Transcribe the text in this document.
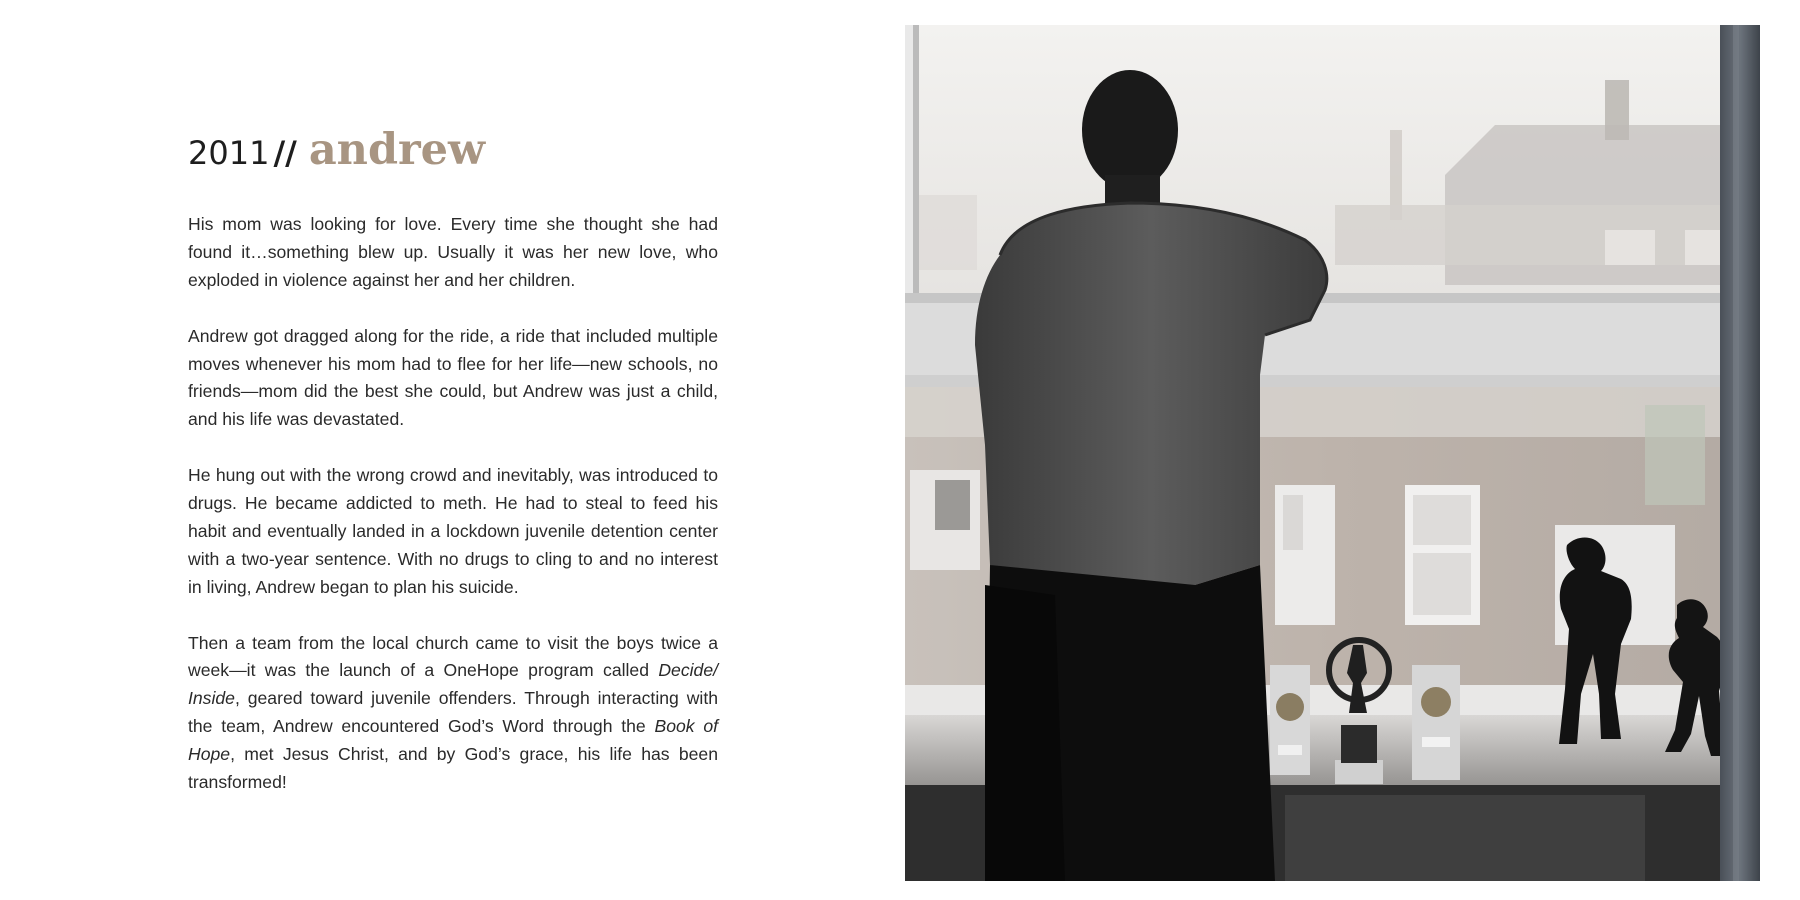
2011 // andrew

His mom was looking for love. Every time she thought she had found it…something blew up. Usually it was her new love, who exploded in violence against her and her children.

Andrew got dragged along for the ride, a ride that included multiple moves whenever his mom had to flee for her life—new schools, no friends—mom did the best she could, but Andrew was just a child, and his life was devastated.

He hung out with the wrong crowd and inevitably, was introduced to drugs. He became addicted to meth. He had to steal to feed his habit and eventually landed in a lockdown juvenile detention center with a two-year sentence. With no drugs to cling to and no interest in living, Andrew began to plan his suicide.

Then a team from the local church came to visit the boys twice a week—it was the launch of a OneHope program called Decide/ Inside, geared toward juvenile offenders. Through interacting with the team, Andrew encountered God’s Word through the Book of Hope, met Jesus Christ, and by God’s grace, his life has been transformed!
